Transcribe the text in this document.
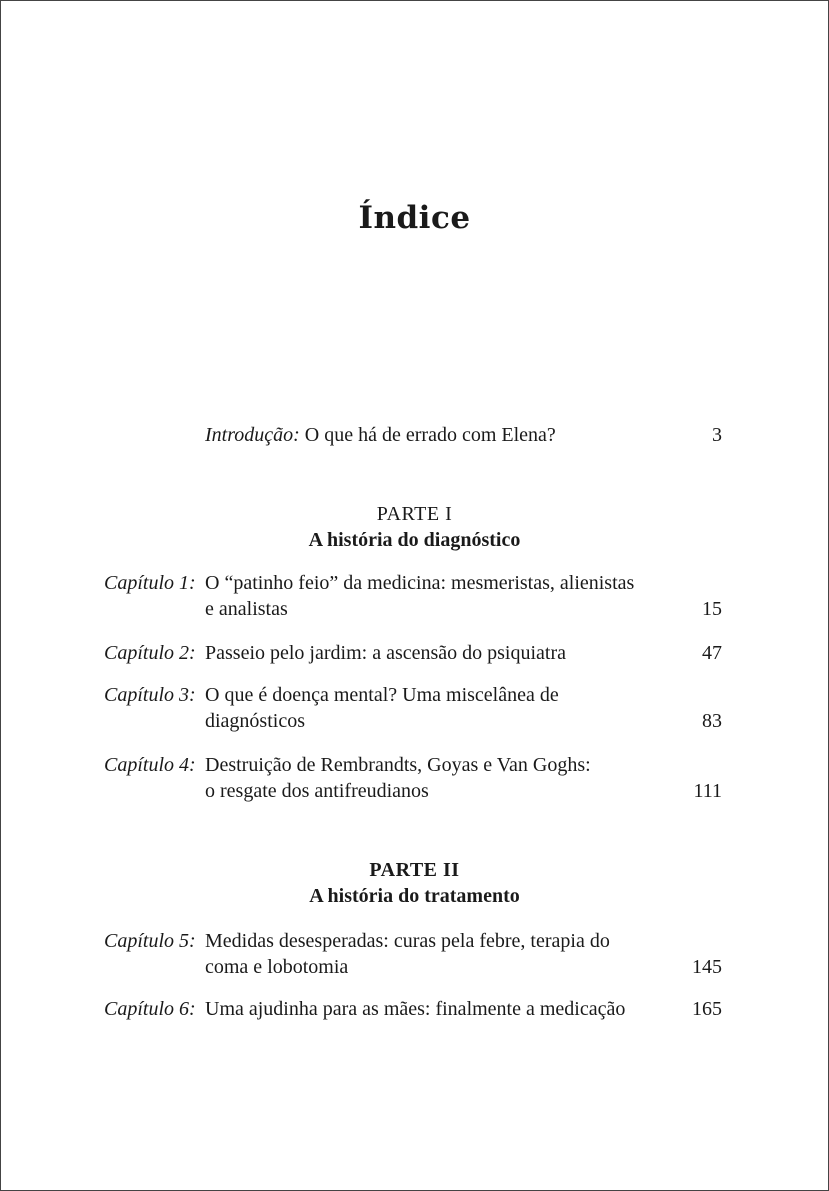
Índice
Introdução: O que há de errado com Elena?	3
PARTE I
A história do diagnóstico
Capítulo 1: O “patinho feio” da medicina: mesmeristas, alienistas
e analistas	15
Capítulo 2: Passeio pelo jardim: a ascensão do psiquiatra	47
Capítulo 3: O que é doença mental? Uma miscelânea de
diagnósticos	83
Capítulo 4: Destruição de Rembrandts, Goyas e Van Goghs:
o resgate dos antifreudianos	111
PARTE II
A história do tratamento
Capítulo 5: Medidas desesperadas: curas pela febre, terapia do
coma e lobotomia	145
Capítulo 6: Uma ajudinha para as mães: finalmente a medicação	165
